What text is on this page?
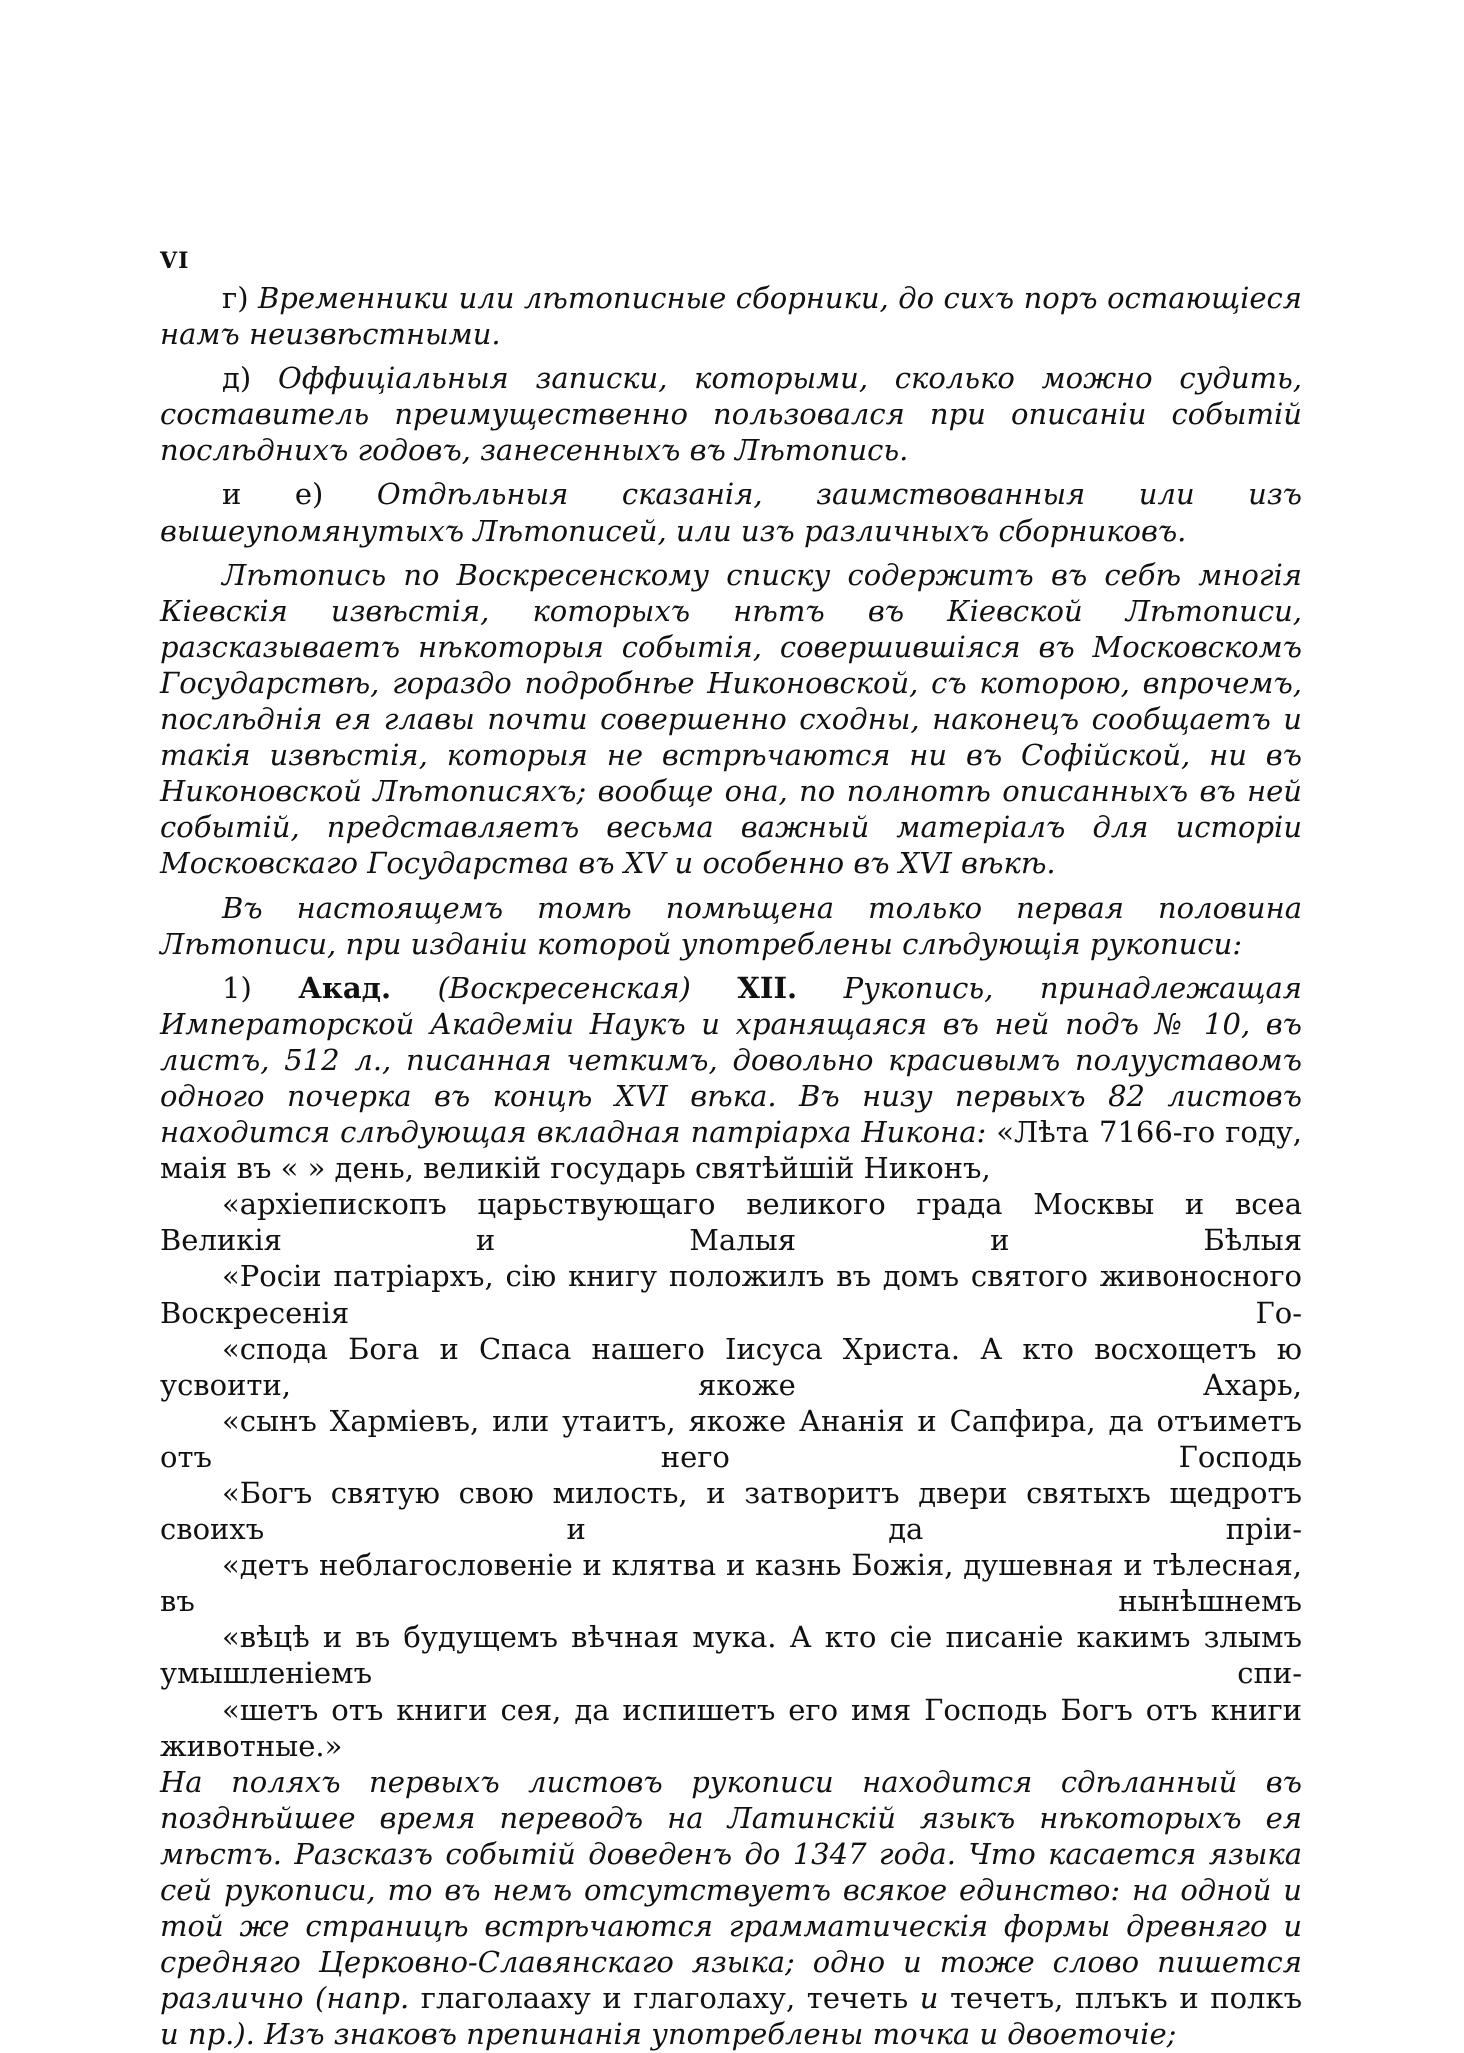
VI

г) Временники или лѣтописные сборники, до сихъ поръ остающiеся намъ неизвѣстными.

д) Оффицiальныя записки, которыми, сколько можно судить, составитель преимущественно пользовался при описанiи событiй послѣднихъ годовъ, занесенныхъ въ Лѣтопись.

и е) Отдѣльныя сказанiя, заимствованныя или изъ вышеупомянутыхъ Лѣтописей, или изъ различныхъ сборниковъ.

Лѣтопись по Воскресенскому списку содержитъ въ себѣ многiя Кiевскiя извѣстiя, которыхъ нѣтъ въ Кiевской Лѣтописи, разсказываетъ нѣкоторыя событiя, совершившiяся въ Московскомъ Государствѣ, гораздо подробнѣе Никоновской, съ которою, впрочемъ, послѣднiя ея главы почти совершенно сходны, наконецъ сообщаетъ и такiя извѣстiя, которыя не встрѣчаются ни въ Софiйской, ни въ Никоновской Лѣтописяхъ; вообще она, по полнотѣ описанныхъ въ ней событiй, представляетъ весьма важный матерiалъ для исторiи Московскаго Государства въ XV и особенно въ XVI вѣкѣ.

Въ настоящемъ томѣ помѣщена только первая половина Лѣтописи, при изданiи которой употреблены слѣдующiя рукописи:

1) Акад. (Воскресенская) XII. Рукопись, принадлежащая Императорской Академiи Наукъ и хранящаяся въ ней подъ № 10, въ листъ, 512 л., писанная четкимъ, довольно красивымъ полууставомъ одного почерка въ концѣ XVI вѣка. Въ низу первыхъ 82 листовъ находится слѣдующая вкладная патрiарха Никона: «Лѣта 7166-го году, маiя въ « » день, великiй государь святѣйшiй Никонъ,
«архiепископъ царьствующаго великого града Москвы и всеа Великiя и Малыя и Бѣлыя
«Росiи патрiархъ, сiю книгу положилъ въ домъ святого живоносного Воскресенiя Го-
«спода Бога и Спаса нашего Iисуса Христа. А кто восхощетъ ю усвоити, якоже Ахарь,
«сынъ Хармiевъ, или утаитъ, якоже Ананiя и Сапфира, да отъиметъ отъ него Господь
«Богъ святую свою милость, и затворитъ двери святыхъ щедротъ своихъ и да прiи-
«детъ неблагословенiе и клятва и казнь Божiя, душевная и тѣлесная, въ нынѣшнемъ
«вѣцѣ и въ будущемъ вѣчная мука. А кто сiе писанiе какимъ злымъ умышленiемъ спи-
«шетъ отъ книги сея, да испишетъ его имя Господь Богъ отъ книги животные.»
На поляхъ первыхъ листовъ рукописи находится сдѣланный въ позднѣйшее время переводъ на Латинскiй языкъ нѣкоторыхъ ея мѣстъ. Разсказъ событiй доведенъ до 1347 года. Что касается языка сей рукописи, то въ немъ отсутствуетъ всякое единство: на одной и той же страницѣ встрѣчаются грамматическiя формы древняго и средняго Церковно-Славянскаго языка; одно и тоже слово пишется различно (напр. глаголааху и глаголаху, течеть и течетъ, плъкъ и полкъ и пр.). Изъ знаковъ препинанiя употреблены точка и двоеточiе;
